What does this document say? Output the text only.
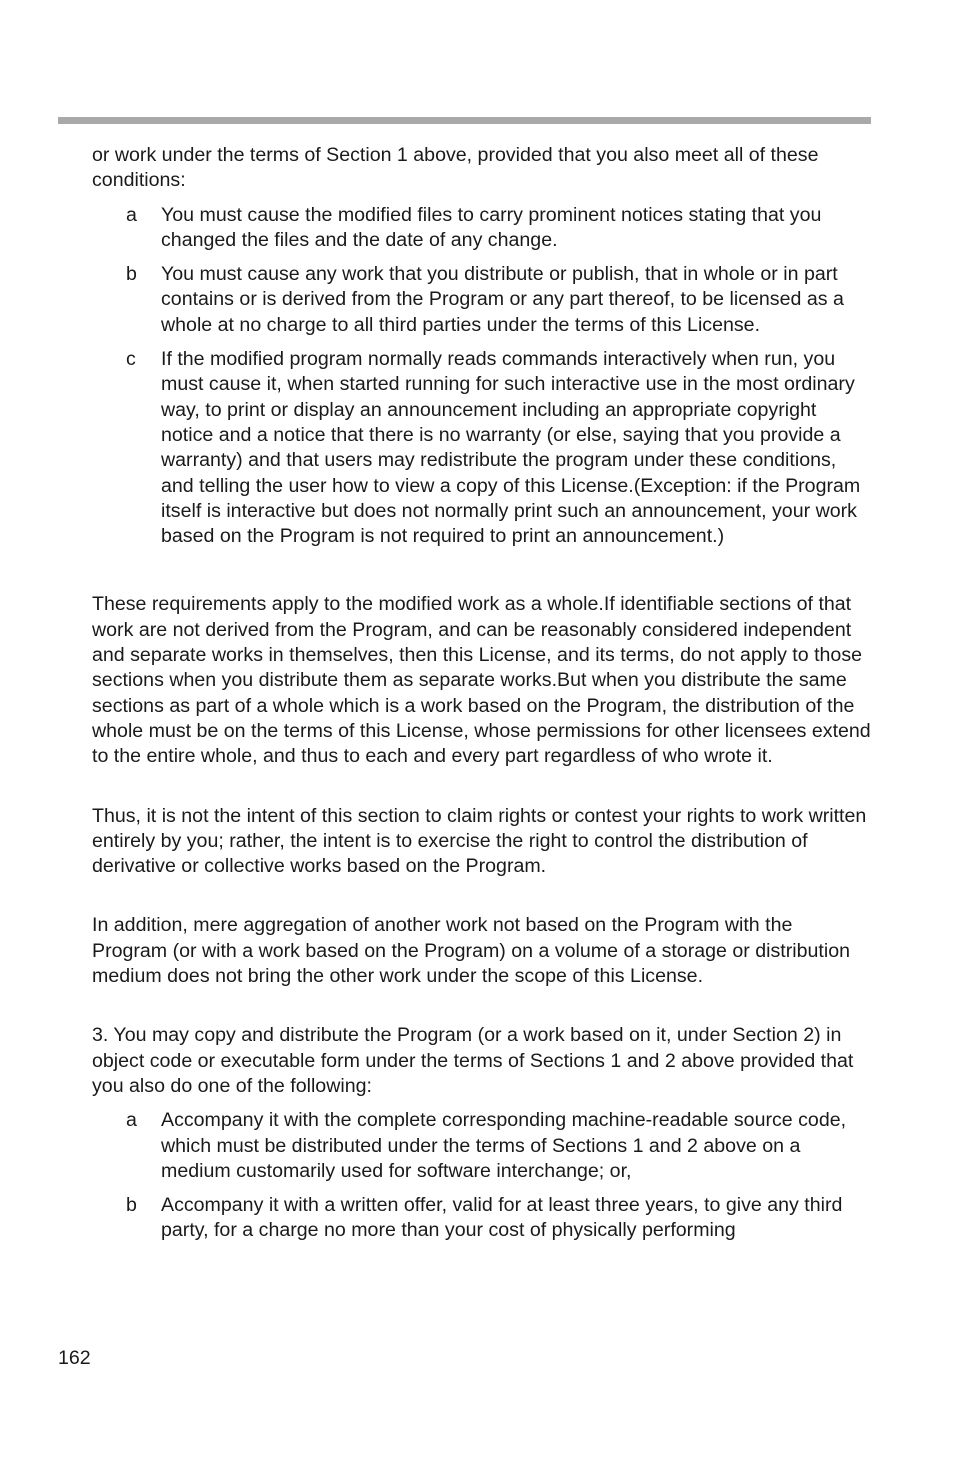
or work under the terms of Section 1 above, provided that you also meet all of these conditions:

a You must cause the modified files to carry prominent notices stating that you changed the files and the date of any change.
b You must cause any work that you distribute or publish, that in whole or in part contains or is derived from the Program or any part thereof, to be licensed as a whole at no charge to all third parties under the terms of this License.
c If the modified program normally reads commands interactively when run, you must cause it, when started running for such interactive use in the most ordinary way, to print or display an announcement including an appropriate copyright notice and a notice that there is no warranty (or else, saying that you provide a warranty) and that users may redistribute the program under these conditions, and telling the user how to view a copy of this License.(Exception: if the Program itself is interactive but does not normally print such an announcement, your work based on the Program is not required to print an announcement.)

These requirements apply to the modified work as a whole.If identifiable sections of that work are not derived from the Program, and can be reasonably considered independent and separate works in themselves, then this License, and its terms, do not apply to those sections when you distribute them as separate works.But when you distribute the same sections as part of a whole which is a work based on the Program, the distribution of the whole must be on the terms of this License, whose permissions for other licensees extend to the entire whole, and thus to each and every part regardless of who wrote it.

Thus, it is not the intent of this section to claim rights or contest your rights to work written entirely by you; rather, the intent is to exercise the right to control the distribution of derivative or collective works based on the Program.

In addition, mere aggregation of another work not based on the Program with the Program (or with a work based on the Program) on a volume of a storage or distribution medium does not bring the other work under the scope of this License.

3. You may copy and distribute the Program (or a work based on it, under Section 2) in object code or executable form under the terms of Sections 1 and 2 above provided that you also do one of the following:

a Accompany it with the complete corresponding machine-readable source code, which must be distributed under the terms of Sections 1 and 2 above on a medium customarily used for software interchange; or,
b Accompany it with a written offer, valid for at least three years, to give any third party, for a charge no more than your cost of physically performing
162
